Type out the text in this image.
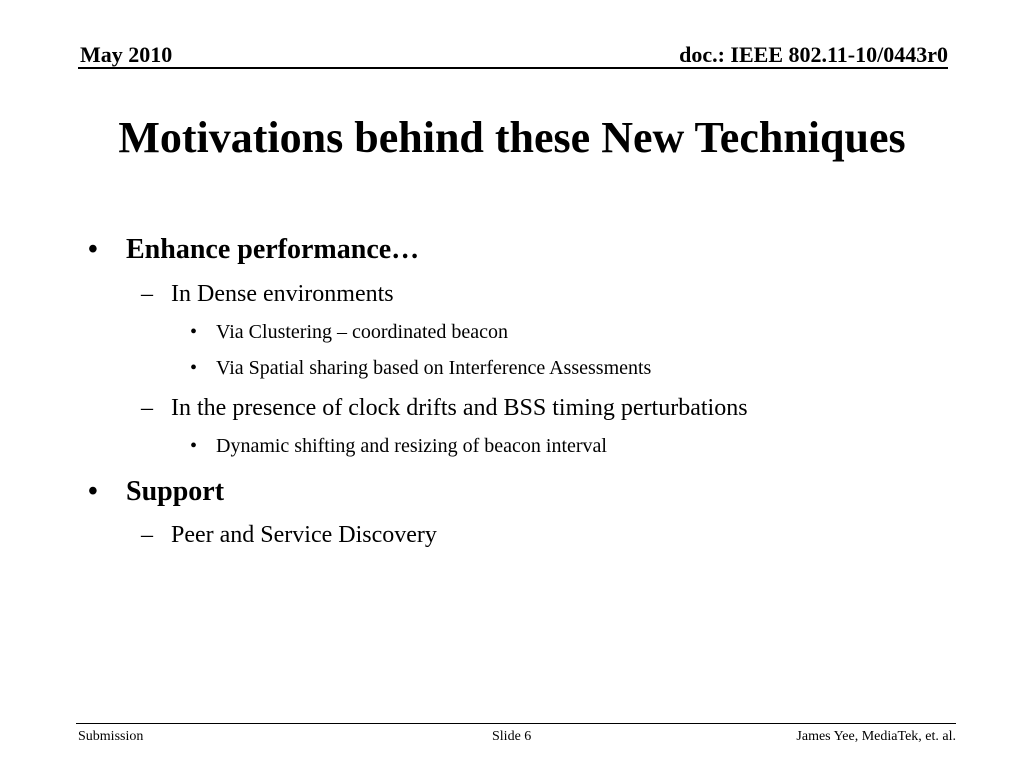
May 2010	doc.: IEEE 802.11-10/0443r0
Motivations behind these New Techniques
• Enhance performance…
– In Dense environments
• Via Clustering – coordinated beacon
• Via Spatial sharing based on Interference Assessments
– In the presence of clock drifts and BSS timing perturbations
• Dynamic shifting and resizing of beacon interval
• Support
– Peer and Service Discovery
Submission	Slide 6	James Yee, MediaTek, et. al.
